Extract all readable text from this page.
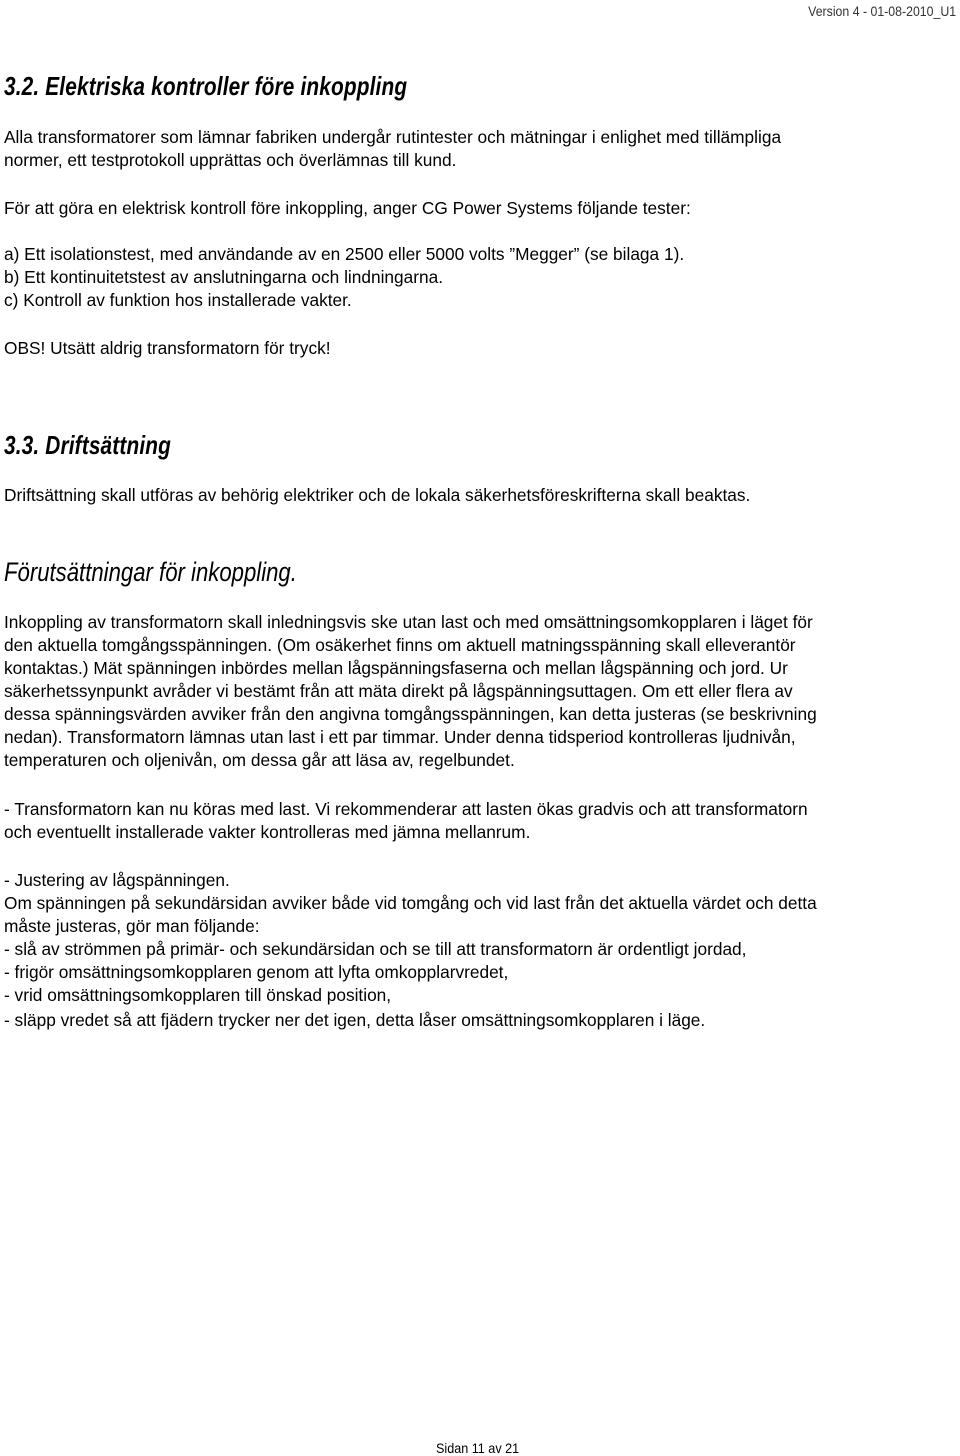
Version 4 - 01-08-2010_U1
3.2. Elektriska kontroller före inkoppling
Alla transformatorer som lämnar fabriken undergår rutintester och mätningar i enlighet med tillämpliga
normer, ett testprotokoll upprättas och överlämnas till kund.
För att göra en elektrisk kontroll före inkoppling, anger CG Power Systems följande tester:
a) Ett isolationstest, med användande av en 2500 eller 5000 volts ”Megger” (se bilaga 1).
b) Ett kontinuitetstest av anslutningarna och lindningarna.
c) Kontroll av funktion hos installerade vakter.
OBS! Utsätt aldrig transformatorn för tryck!
3.3. Driftsättning
Driftsättning skall utföras av behörig elektriker och de lokala säkerhetsföreskrifterna skall beaktas.
Förutsättningar för inkoppling.
Inkoppling av transformatorn skall inledningsvis ske utan last och med omsättningsomkopplaren i läget för
den aktuella tomgångsspänningen. (Om osäkerhet finns om aktuell matningsspänning skall elleverantör
kontaktas.) Mät spänningen inbördes mellan lågspänningsfaserna och mellan lågspänning och jord. Ur
säkerhetssynpunkt avråder vi bestämt från att mäta direkt på lågspänningsuttagen. Om ett eller flera av
dessa spänningsvärden avviker från den angivna tomgångsspänningen, kan detta justeras (se beskrivning
nedan). Transformatorn lämnas utan last i ett par timmar. Under denna tidsperiod kontrolleras ljudnivån,
temperaturen och oljenivån, om dessa går att läsa av, regelbundet.
- Transformatorn kan nu köras med last. Vi rekommenderar att lasten ökas gradvis och att transformatorn
och eventuellt installerade vakter kontrolleras med jämna mellanrum.
- Justering av lågspänningen.
Om spänningen på sekundärsidan avviker både vid tomgång och vid last från det aktuella värdet och detta
måste justeras, gör man följande:
- slå av strömmen på primär- och sekundärsidan och se till att transformatorn är ordentligt jordad,
- frigör omsättningsomkopplaren genom att lyfta omkopplarvredet,
- vrid omsättningsomkopplaren till önskad position,
- släpp vredet så att fjädern trycker ner det igen, detta låser omsättningsomkopplaren i läge.
Sidan 11 av 21
